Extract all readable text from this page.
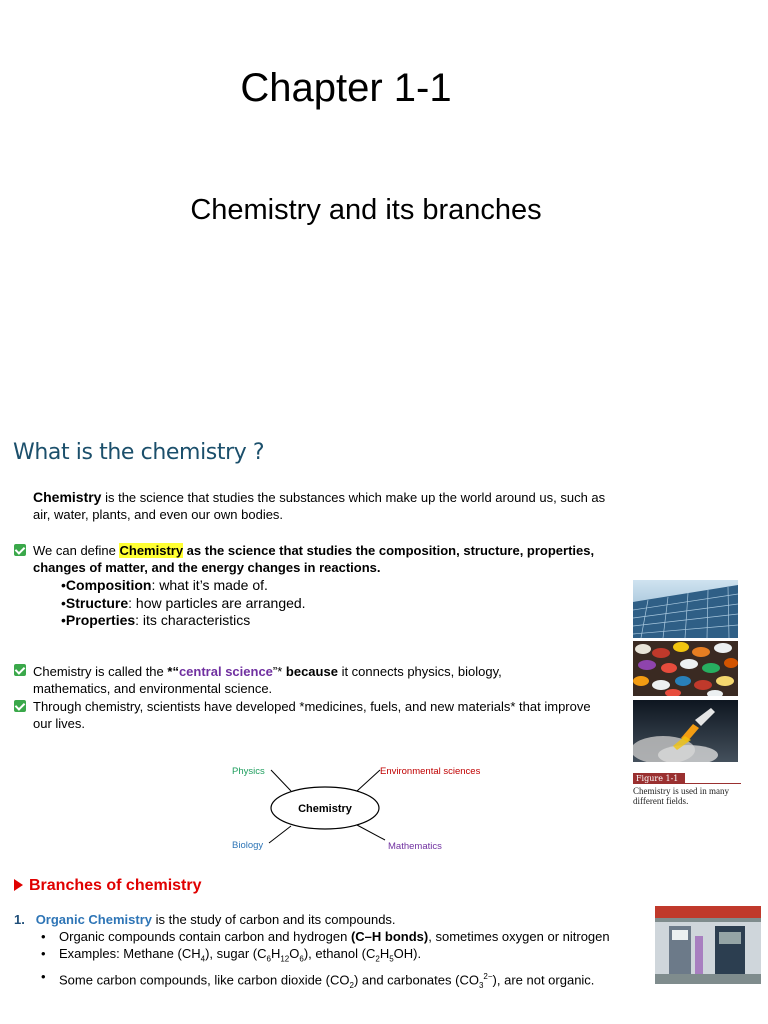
Chapter 1-1
Chemistry and its branches
What is the chemistry ?
Chemistry is the science that studies the substances which make up the world around us, such as air, water, plants, and even our own bodies.
We can define Chemistry as the science that studies the composition, structure, properties, changes of matter, and the energy changes in reactions.
•Composition: what it’s made of.
•Structure: how particles are arranged.
•Properties: its characteristics
Chemistry is called the *“central science”* because it connects physics, biology, mathematics, and environmental science.
Through chemistry, scientists have developed *medicines, fuels, and new materials* that improve our lives.
Chemistry
Physics	Environmental sciences
Biology	Mathematics
Figure 1-1
Chemistry is used in many different fields.
Branches of chemistry
1. Organic Chemistry is the study of carbon and its compounds.
• Organic compounds contain carbon and hydrogen (C–H bonds), sometimes oxygen or nitrogen
• Examples: Methane $(CH_4)$, sugar $(C_6H_{12}O_6)$, ethanol $(C_2H_5OH)$.
• Some carbon compounds, like carbon dioxide $(CO_2)$ and carbonates $(CO_3^{2-})$, are not organic.
